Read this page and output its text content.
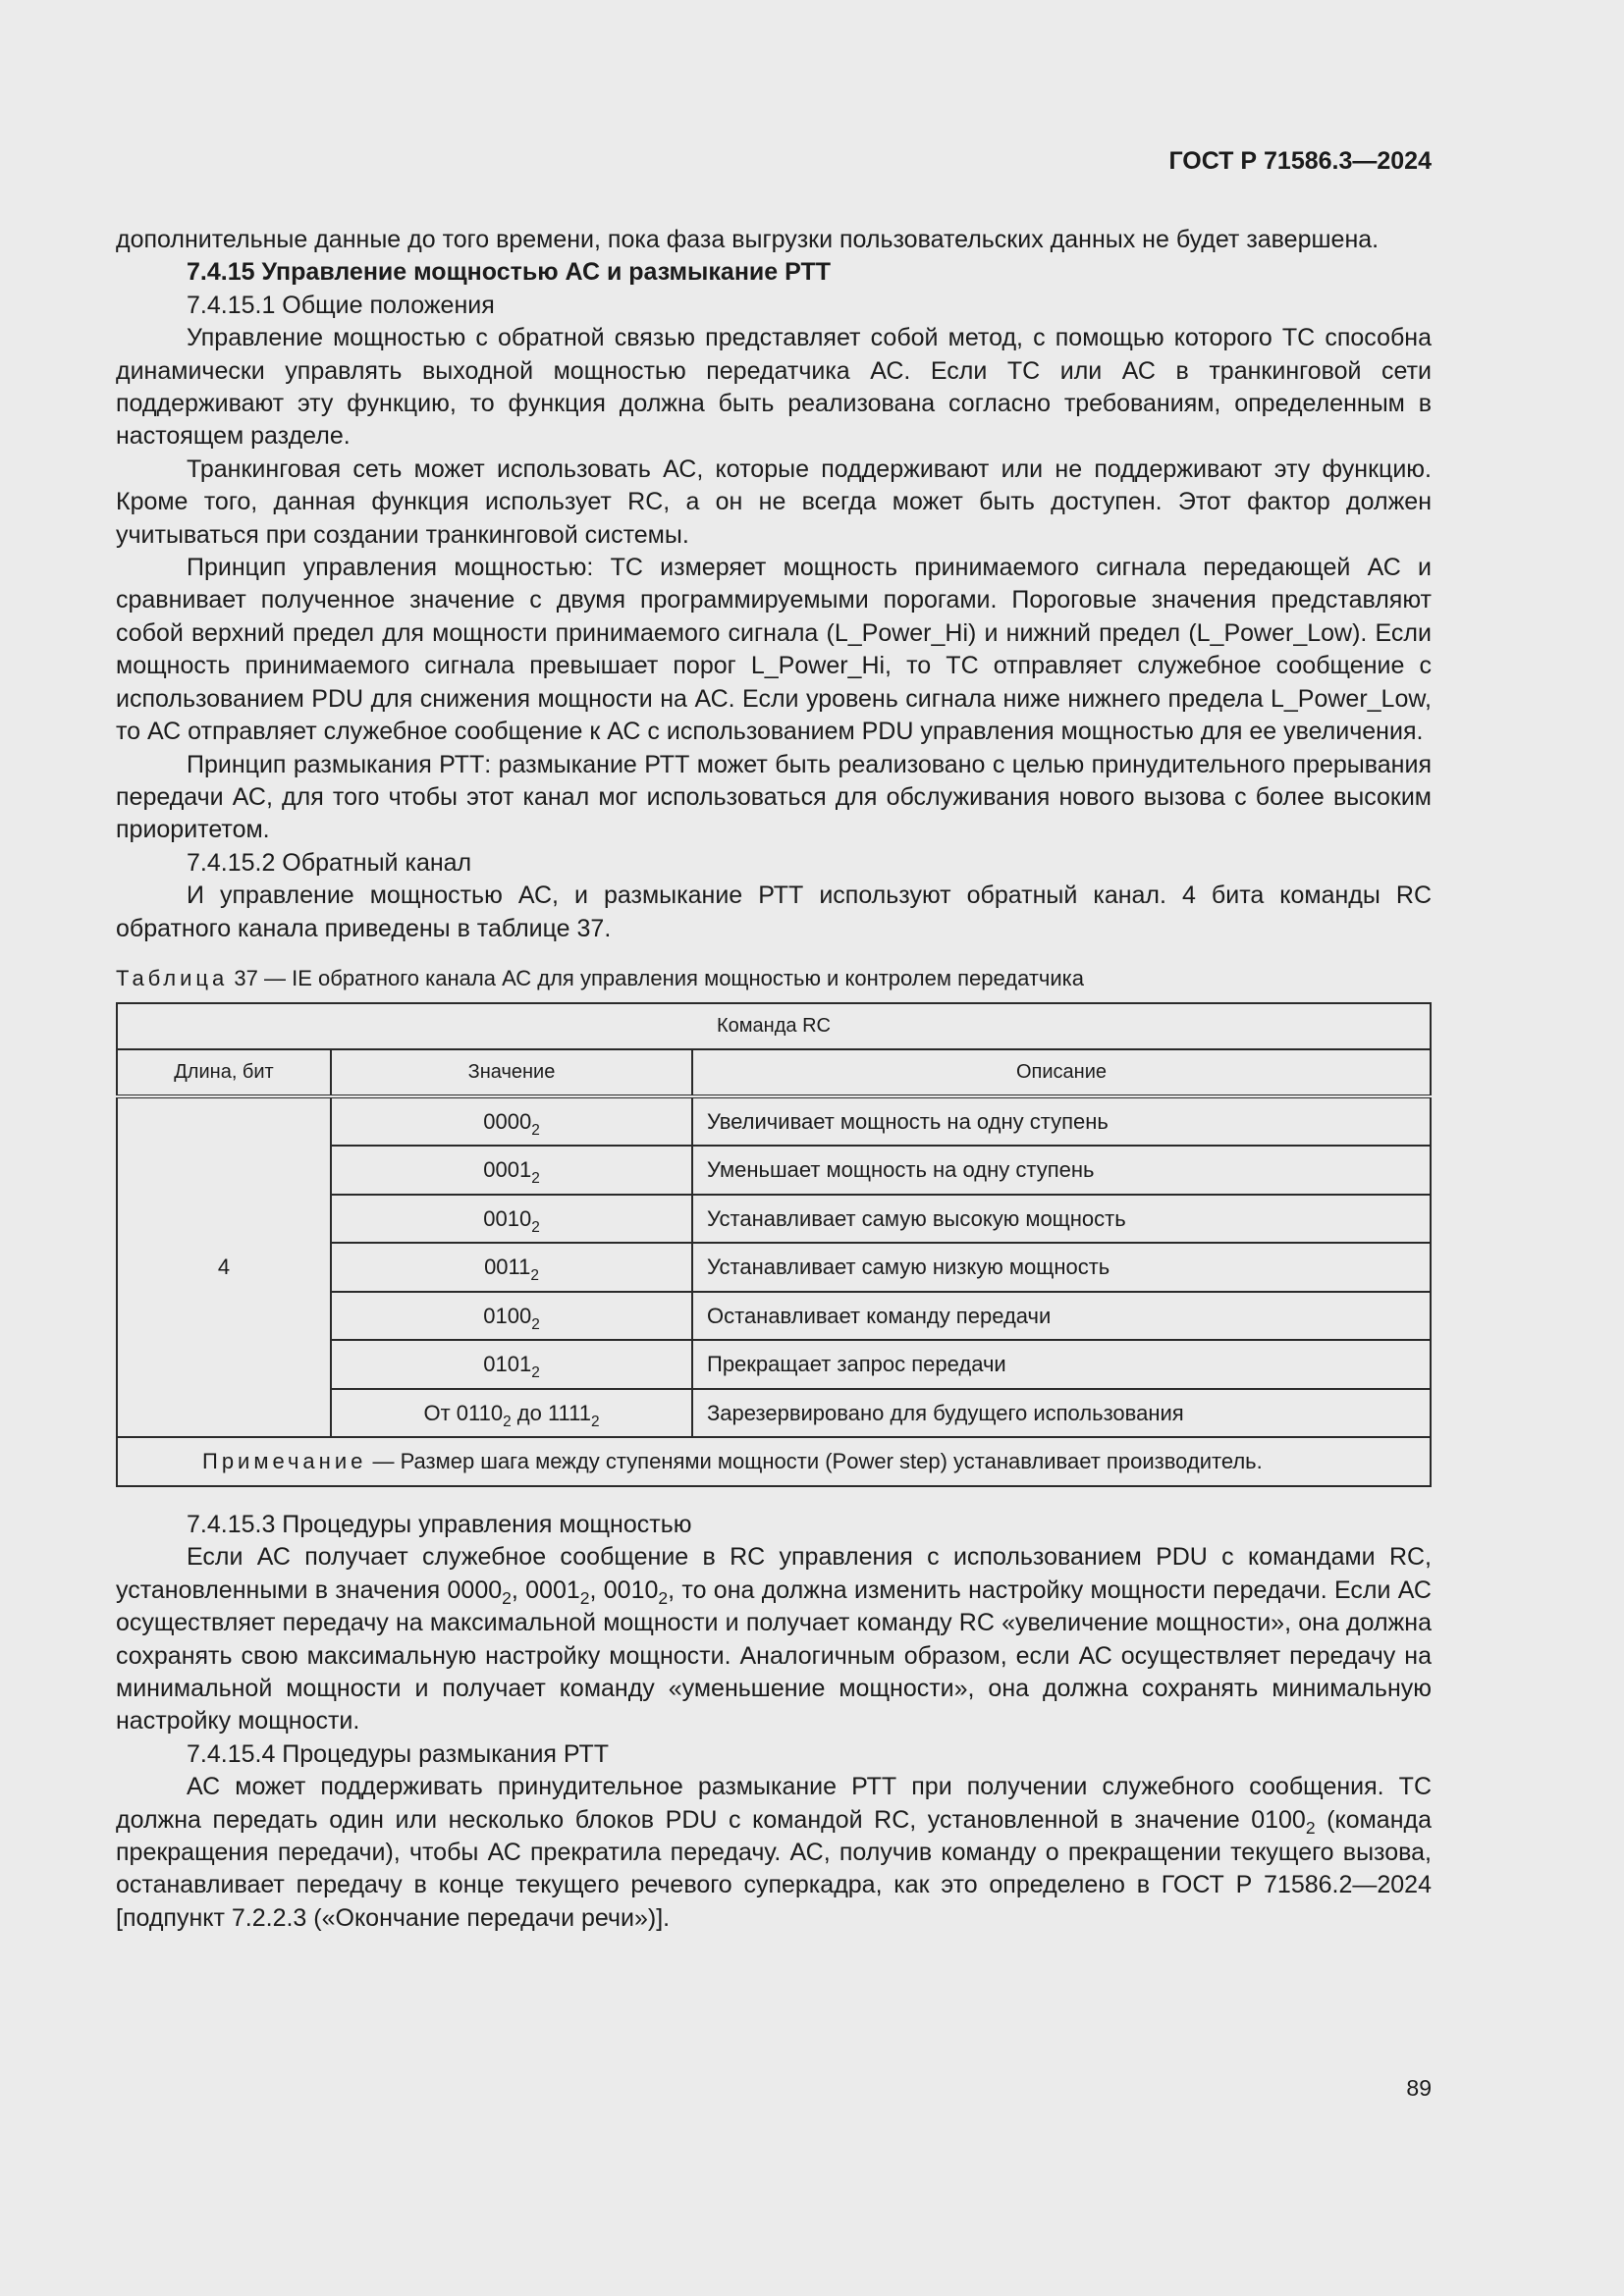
ГОСТ Р 71586.3—2024

дополнительные данные до того времени, пока фаза выгрузки пользовательских данных не будет завершена.

7.4.15 Управление мощностью АС и размыкание РТТ

7.4.15.1 Общие положения

Управление мощностью с обратной связью представляет собой метод, с помощью которого ТС способна динамически управлять выходной мощностью передатчика АС. Если ТС или АС в транкинговой сети поддерживают эту функцию, то функция должна быть реализована согласно требованиям, определенным в настоящем разделе.

Транкинговая сеть может использовать АС, которые поддерживают или не поддерживают эту функцию. Кроме того, данная функция использует RC, а он не всегда может быть доступен. Этот фактор должен учитываться при создании транкинговой системы.

Принцип управления мощностью: ТС измеряет мощность принимаемого сигнала передающей АС и сравнивает полученное значение с двумя программируемыми порогами. Пороговые значения представляют собой верхний предел для мощности принимаемого сигнала (L_Power_Hi) и нижний предел (L_Power_Low). Если мощность принимаемого сигнала превышает порог L_Power_Hi, то ТС отправляет служебное сообщение с использованием PDU для снижения мощности на АС. Если уровень сигнала ниже нижнего предела L_Power_Low, то АС отправляет служебное сообщение к АС с использованием PDU управления мощностью для ее увеличения.

Принцип размыкания РТТ: размыкание РТТ может быть реализовано с целью принудительного прерывания передачи АС, для того чтобы этот канал мог использоваться для обслуживания нового вызова с более высоким приоритетом.

7.4.15.2 Обратный канал

И управление мощностью АС, и размыкание РТТ используют обратный канал. 4 бита команды RC обратного канала приведены в таблице 37.

Таблица 37 — IE обратного канала АС для управления мощностью и контролем передатчика
Команда RC		
Длина, бит	Значение	Описание
4	$0000_2$	Увеличивает мощность на одну ступень
	$0001_2$	Уменьшает мощность на одну ступень
	$0010_2$	Устанавливает самую высокую мощность
	$0011_2$	Устанавливает самую низкую мощность
	$0100_2$	Останавливает команду передачи
	$0101_2$	Прекращает запрос передачи
	От $0110_2$ до $1111_2$	Зарезервировано для будущего использования
Примечание — Размер шага между ступенями мощности (Power step) устанавливает производитель.		

7.4.15.3 Процедуры управления мощностью

Если АС получает служебное сообщение в RC управления с использованием PDU с командами RC, установленными в значения $0000_2$, $0001_2$, $0010_2$, то она должна изменить настройку мощности передачи. Если АС осуществляет передачу на максимальной мощности и получает команду RC «увеличение мощности», она должна сохранять свою максимальную настройку мощности. Аналогичным образом, если АС осуществляет передачу на минимальной мощности и получает команду «уменьшение мощности», она должна сохранять минимальную настройку мощности.

7.4.15.4 Процедуры размыкания РТТ

АС может поддерживать принудительное размыкание РТТ при получении служебного сообщения. ТС должна передать один или несколько блоков PDU с командой RC, установленной в значение $0100_2$ (команда прекращения передачи), чтобы АС прекратила передачу. АС, получив команду о прекращении текущего вызова, останавливает передачу в конце текущего речевого суперкадра, как это определено в ГОСТ Р 71586.2—2024 [подпункт 7.2.2.3 («Окончание передачи речи»)].

89
